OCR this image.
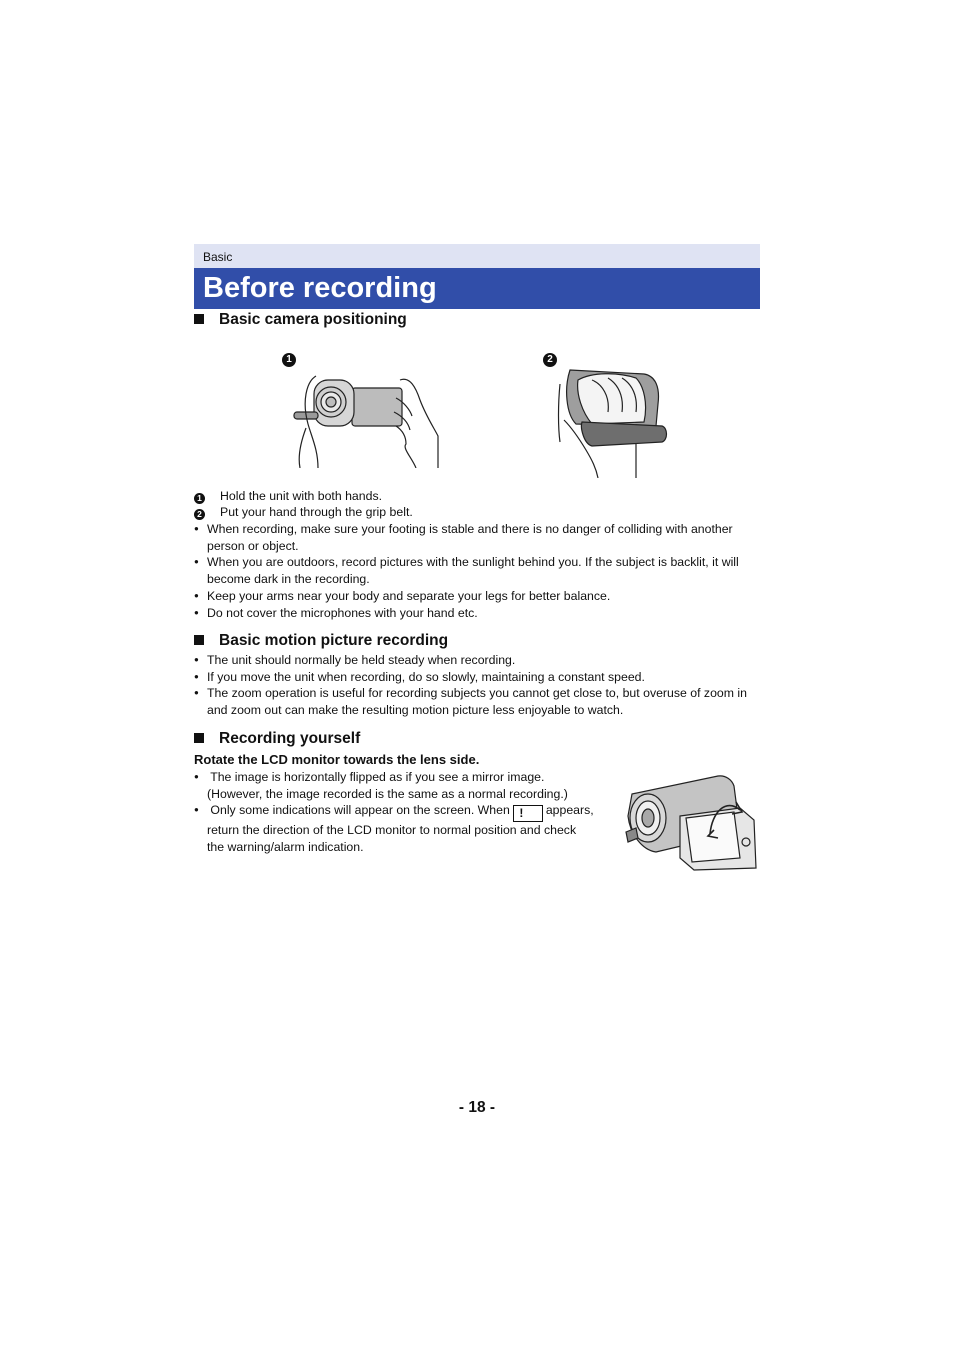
Basic
Before recording
Basic camera positioning
1	2
1 Hold the unit with both hands.
2 Put your hand through the grip belt.
● When recording, make sure your footing is stable and there is no danger of colliding with another person or object.
● When you are outdoors, record pictures with the sunlight behind you. If the subject is backlit, it will become dark in the recording.
● Keep your arms near your body and separate your legs for better balance.
● Do not cover the microphones with your hand etc.
Basic motion picture recording
● The unit should normally be held steady when recording.
● If you move the unit when recording, do so slowly, maintaining a constant speed.
● The zoom operation is useful for recording subjects you cannot get close to, but overuse of zoom in and zoom out can make the resulting motion picture less enjoyable to watch.
Recording yourself
Rotate the LCD monitor towards the lens side.
● The image is horizontally flipped as if you see a mirror image.
(However, the image recorded is the same as a normal recording.)
● Only some indications will appear on the screen. When ! appears,
return the direction of the LCD monitor to normal position and check
the warning/alarm indication.
- 18 -
